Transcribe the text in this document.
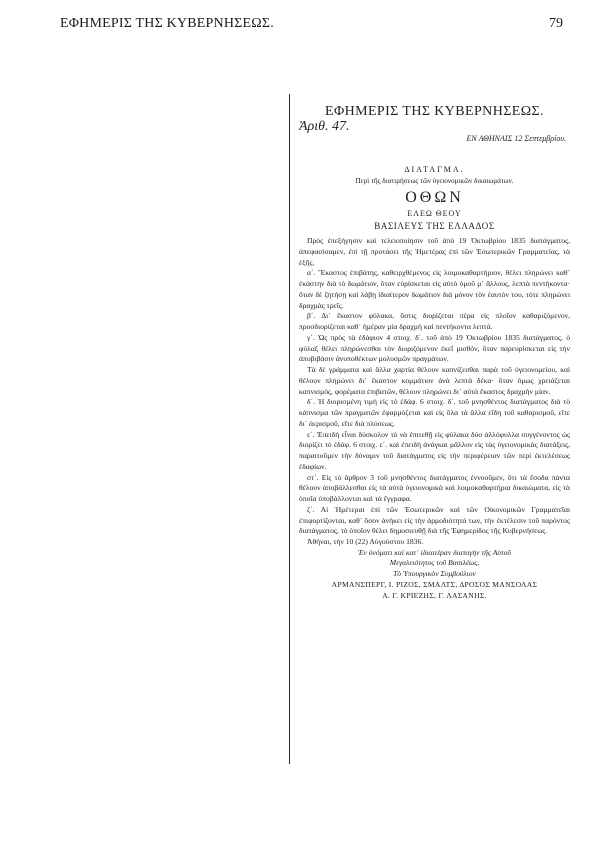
ΕΦΗΜΕΡΙΣ ΤΗΣ ΚΥΒΕΡΝΗΣΕΩΣ.	79
ΕΦΗΜΕΡΙΣ ΤΗΣ ΚΥΒΕΡΝΗΣΕΩΣ.
Ἀριθ. 47.
ΕΝ ΑΘΗΝΑΙΣ 12 Σεπτεμβρίου.
ΔΙΑΤΑΓΜΑ.
Περὶ τῆς διατιμήσεως τῶν ὑγειονομικῶν δικαιωμάτων.
ΟΘΩΝ
ΕΛΕΩ ΘΕΟΥ
ΒΑΣΙΛΕΥΣ ΤΗΣ ΕΛΛΑΔΟΣ

Πρὸς ἐπεξήγησιν καὶ τελειοποίησιν τοῦ ἀπὸ 19 Ὀκτωβρίου 1835 διατάγματος, ἀπεφασίσαμεν, ἐπὶ τῇ προτάσει τῆς Ἡμετέρας ἐπὶ τῶν Ἐσωτερικῶν Γραμματείας, τὰ ἑξῆς.

α΄. Ἕκαστος ἐπιβάτης, καθειρχθέμενος εἰς λοιμοκαθαρτήριον, θέλει πληρώνει καθ᾿ ἐκάστην διὰ τὸ δωμάτιον, ὅταν εὑρίσκεται εἰς αὐτὸ ὁμοῦ μ᾿ ἄλλους, λεπτὰ πεντήκοντα· ὅταν δὲ ζητήσῃ καὶ λάβῃ ἰδιαίτερον δωμάτιον διὰ μόνον τὸν ἑαυτόν του, τότε πληρώνει δραχμὰς τρεῖς.

β΄. Δι᾿ ἕκαστον φύλακα, ὅστις διορίζεται πέρα εἰς πλοῖον καθαριζόμενον, προσδιορίζεται καθ᾿ ἡμέραν μία δραχμὴ καὶ πεντήκοντα λεπτά.

γ΄. Ὡς πρὸς τὰ ἐδάφιον 4 στοιχ. δ΄. τοῦ ἀπὸ 19 Ὀκτωβρίου 1835 διατάγματος, ὁ φύλαξ θέλει πληρώνεσθαι τὸν διοριζόμενον ἐκεῖ μισθόν, ὅταν παρευρίσκεται εἰς τὴν ἀποβιβάσιν ἀνυποθέκτων μολυσμῶν πραγμάτων.

Τὰ δὲ γράμματα καὶ ἄλλα χαρτία θέλουν καπνίζεσθαι παρὰ τοῦ ὑγειονομείου, καὶ θέλουν πληρώνει δι᾿ ἕκαστον κομμάτιον ἀνὰ λεπτὰ δέκα· ὅταν ὅμως χρειάζεται καπνισμός, φορέματα ἐπιβατῶν, θέλουν πληρώνει δι᾿ αὐτὰ ἕκαστος δραχμὴν μίαν.

δ΄. Ἡ διορισμένη τιμὴ εἰς τὸ ἐδάφ. 6 στοιχ. δ΄. τοῦ μνησθέντος διατάγματος διὰ τὸ κάπνισμα τῶν πραγματῶν ἐφαρμόζεται καὶ εἰς ὅλα τὰ ἄλλα εἴδη τοῦ καθαρισμοῦ, εἴτε δι᾿ ἀερισμοῦ, εἴτε διὰ πλύσεως.

ε΄. Ἐπειδὴ εἶναι δύσκολον τὸ νὰ ἐπιτεθῇ εἰς φύλακα δύο ἀλλόφυλλα συγγένοντος ὡς διορίζει τὸ ἐδάφ. 6 στοιχ. ε΄. καὶ ἐπειδὴ ἀνάγκαι μᾶλλον εἰς τὰς ὑγειονομικὰς διατάξεις, παραιτοῦμεν τὴν δύναμιν τοῦ διατάγματος εἰς τὴν περιφέρειαν τῶν περὶ ἐκτελέσεως ἐδαφίων.

στ΄. Εἰς τὸ ἄρθρον 3 τοῦ μνησθέντος διατάγματος ἐννοοῦμεν, ὅτι τὰ ἔσοδα πάντα θέλουν ἀποβάλλεσθαι εἰς τὰ αὐτὰ ὑγειονομικὰ καὶ λοιμοκαθαρτήρια δικαιώματα, εἰς τὰ ὁποῖα ὑποβάλλονται καὶ τὰ ἔγγραφα.

ζ΄. Αἱ Ἡμέτεραι ἐπὶ τῶν Ἐσωτερικῶν καὶ τῶν Οἰκονομικῶν Γραμματεῖαι ἐπιφορτίζονται, καθ᾿ ὅσον ἀνήκει εἰς τὴν ἁρμοδιότητά των, τὴν ἐκτέλεσιν τοῦ παρόντος διατάγματος, τὸ ὁποῖον θέλει δημοσιευθῇ διὰ τῆς Ἐφημερίδος τῆς Κυβερνήσεως.

Ἀθήναι, τὴν 10 (22) Αὐγούστου 1836.

Ἐν ὀνόματι καὶ κατ᾿ ἰδιαιτέραν διαταγὴν τῆς Αὐτοῦ
Μεγαλειότητος τοῦ Βασιλέως,
Τὸ Ὑπουργικὸν Συμβούλιον
ΑΡΜΑΝΣΠΕΡΓ, Ι. ΡΙΖΟΣ, ΣΜΑΛΤΣ, ΔΡΟΣΟΣ ΜΑΝΣΟΛΑΣ
Α. Γ. ΚΡΙΕΖΗΣ, Γ. ΛΑΣΑΝΗΣ.
